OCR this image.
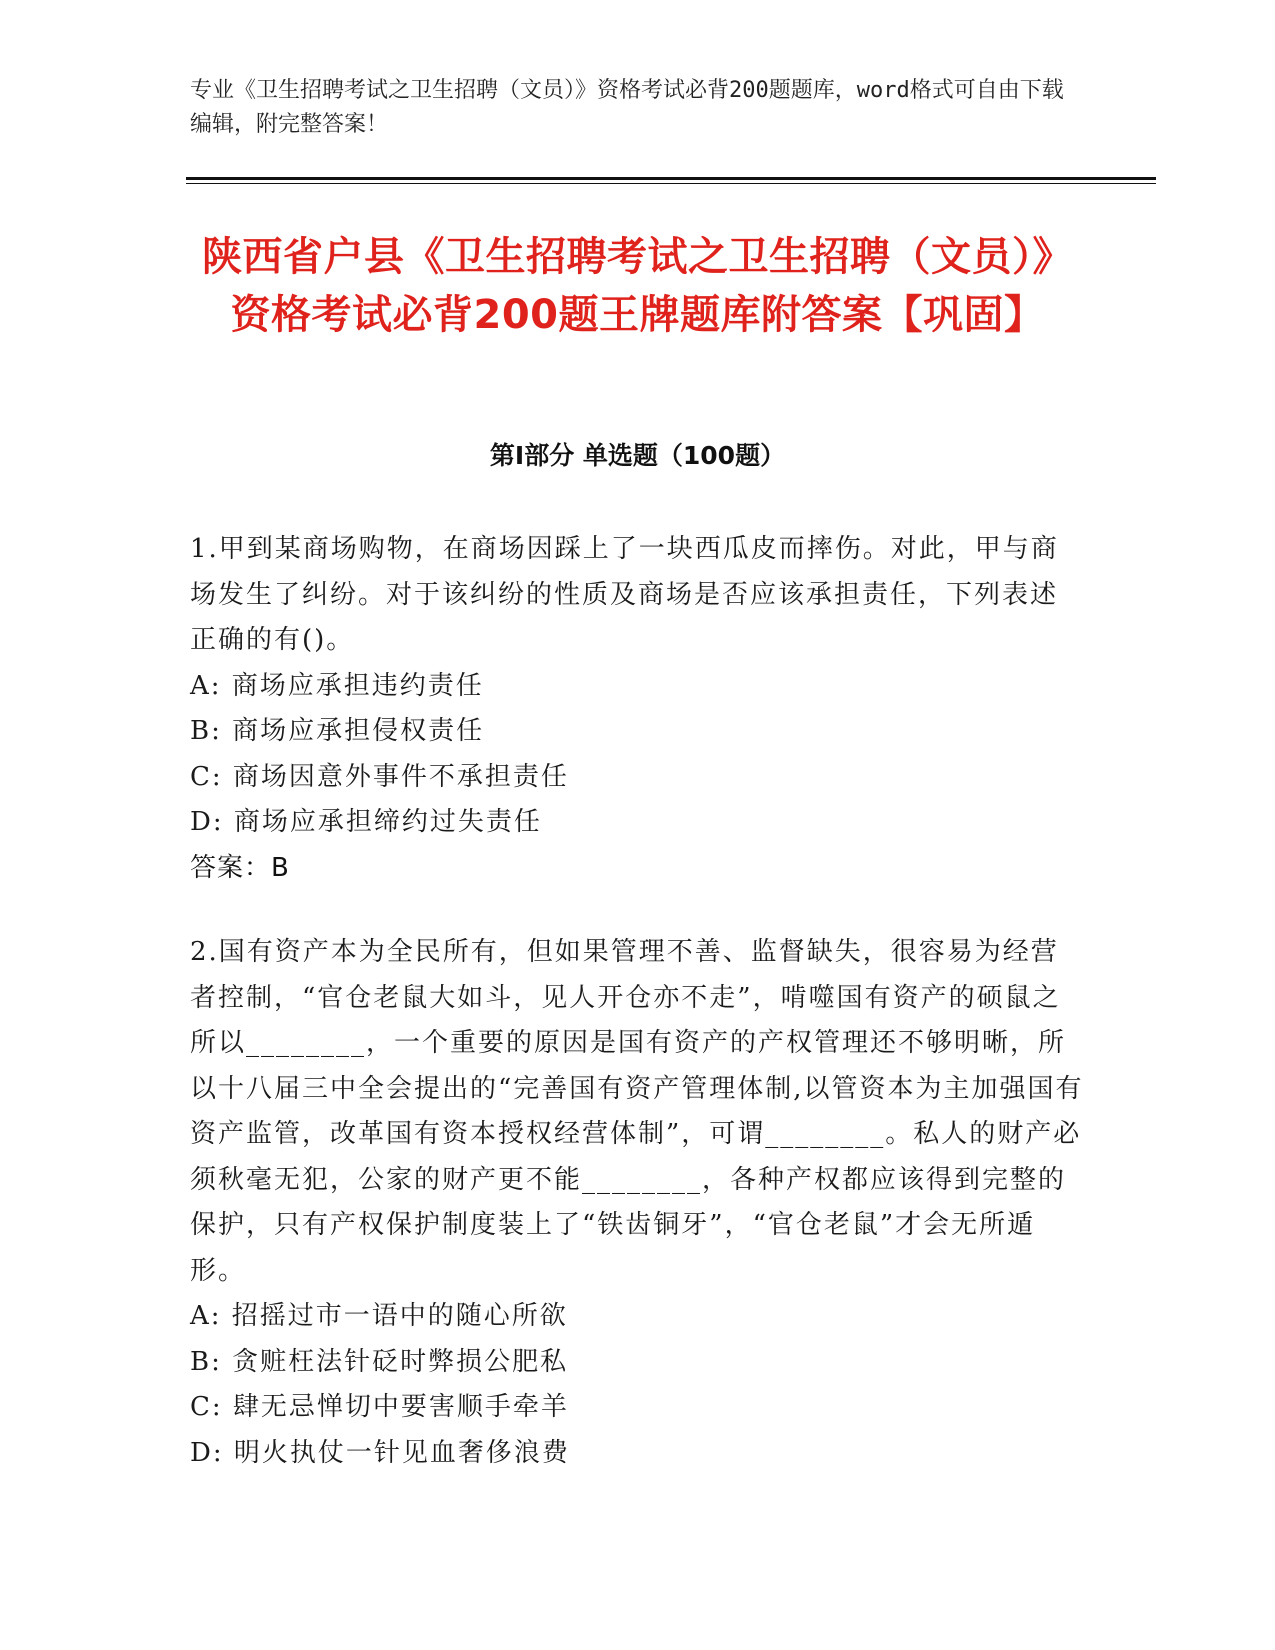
专业《卫生招聘考试之卫生招聘（文员）》资格考试必背200题题库，word格式可自由下载编辑，附完整答案！
陕西省户县《卫生招聘考试之卫生招聘（文员）》资格考试必背200题王牌题库附答案【巩固】
第Ⅰ部分 单选题（100题）
1.甲到某商场购物，在商场因踩上了一块西瓜皮而摔伤。对此，甲与商场发生了纠纷。对于该纠纷的性质及商场是否应该承担责任，下列表述正确的有()。
A: 商场应承担违约责任
B: 商场应承担侵权责任
C: 商场因意外事件不承担责任
D: 商场应承担缔约过失责任
答案：B
2.国有资产本为全民所有，但如果管理不善、监督缺失，很容易为经营者控制，“官仓老鼠大如斗，见人开仓亦不走”，啃噬国有资产的硕鼠之所以________，一个重要的原因是国有资产的产权管理还不够明晰，所以十八届三中全会提出的“完善国有资产管理体制,以管资本为主加强国有资产监管，改革国有资本授权经营体制”，可谓________。私人的财产必须秋毫无犯，公家的财产更不能________，各种产权都应该得到完整的保护，只有产权保护制度装上了“铁齿铜牙”，“官仓老鼠”才会无所遁形。
A: 招摇过市一语中的随心所欲
B: 贪赃枉法针砭时弊损公肥私
C: 肆无忌惮切中要害顺手牵羊
D: 明火执仗一针见血奢侈浪费
